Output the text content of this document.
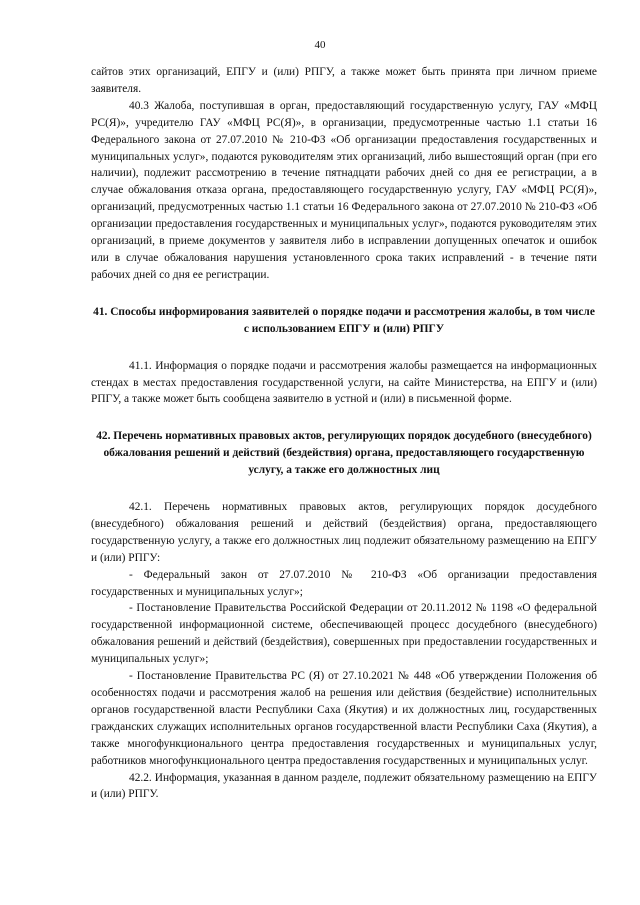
40

сайтов этих организаций, ЕПГУ и (или) РПГУ, а также может быть принята при личном приеме заявителя.

40.3 Жалоба, поступившая в орган, предоставляющий государственную услугу, ГАУ «МФЦ РС(Я)», учредителю ГАУ «МФЦ РС(Я)», в организации, предусмотренные частью 1.1 статьи 16 Федерального закона от 27.07.2010 № 210-ФЗ «Об организации предоставления государственных и муниципальных услуг», подаются руководителям этих организаций, либо вышестоящий орган (при его наличии), подлежит рассмотрению в течение пятнадцати рабочих дней со дня ее регистрации, а в случае обжалования отказа органа, предоставляющего государственную услугу, ГАУ «МФЦ РС(Я)», организаций, предусмотренных частью 1.1 статьи 16 Федерального закона от 27.07.2010 № 210-ФЗ «Об организации предоставления государственных и муниципальных услуг», подаются руководителям этих организаций, в приеме документов у заявителя либо в исправлении допущенных опечаток и ошибок или в случае обжалования нарушения установленного срока таких исправлений - в течение пяти рабочих дней со дня ее регистрации.

41. Способы информирования заявителей о порядке подачи и рассмотрения жалобы, в том числе с использованием ЕПГУ и (или) РПГУ

41.1. Информация о порядке подачи и рассмотрения жалобы размещается на информационных стендах в местах предоставления государственной услуги, на сайте Министерства, на ЕПГУ и (или) РПГУ, а также может быть сообщена заявителю в устной и (или) в письменной форме.

42. Перечень нормативных правовых актов, регулирующих порядок досудебного (внесудебного) обжалования решений и действий (бездействия) органа, предоставляющего государственную услугу, а также его должностных лиц

42.1. Перечень нормативных правовых актов, регулирующих порядок досудебного (внесудебного) обжалования решений и действий (бездействия) органа, предоставляющего государственную услугу, а также его должностных лиц подлежит обязательному размещению на ЕПГУ и (или) РПГУ:

- Федеральный закон от 27.07.2010 № 210-ФЗ «Об организации предоставления государственных и муниципальных услуг»;

- Постановление Правительства Российской Федерации от 20.11.2012 № 1198 «О федеральной государственной информационной системе, обеспечивающей процесс досудебного (внесудебного) обжалования решений и действий (бездействия), совершенных при предоставлении государственных и муниципальных услуг»;

- Постановление Правительства РС (Я) от 27.10.2021 № 448 «Об утверждении Положения об особенностях подачи и рассмотрения жалоб на решения или действия (бездействие) исполнительных органов государственной власти Республики Саха (Якутия) и их должностных лиц, государственных гражданских служащих исполнительных органов государственной власти Республики Саха (Якутия), а также многофункционального центра предоставления государственных и муниципальных услуг, работников многофункционального центра предоставления государственных и муниципальных услуг.

42.2. Информация, указанная в данном разделе, подлежит обязательному размещению на ЕПГУ и (или) РПГУ.
